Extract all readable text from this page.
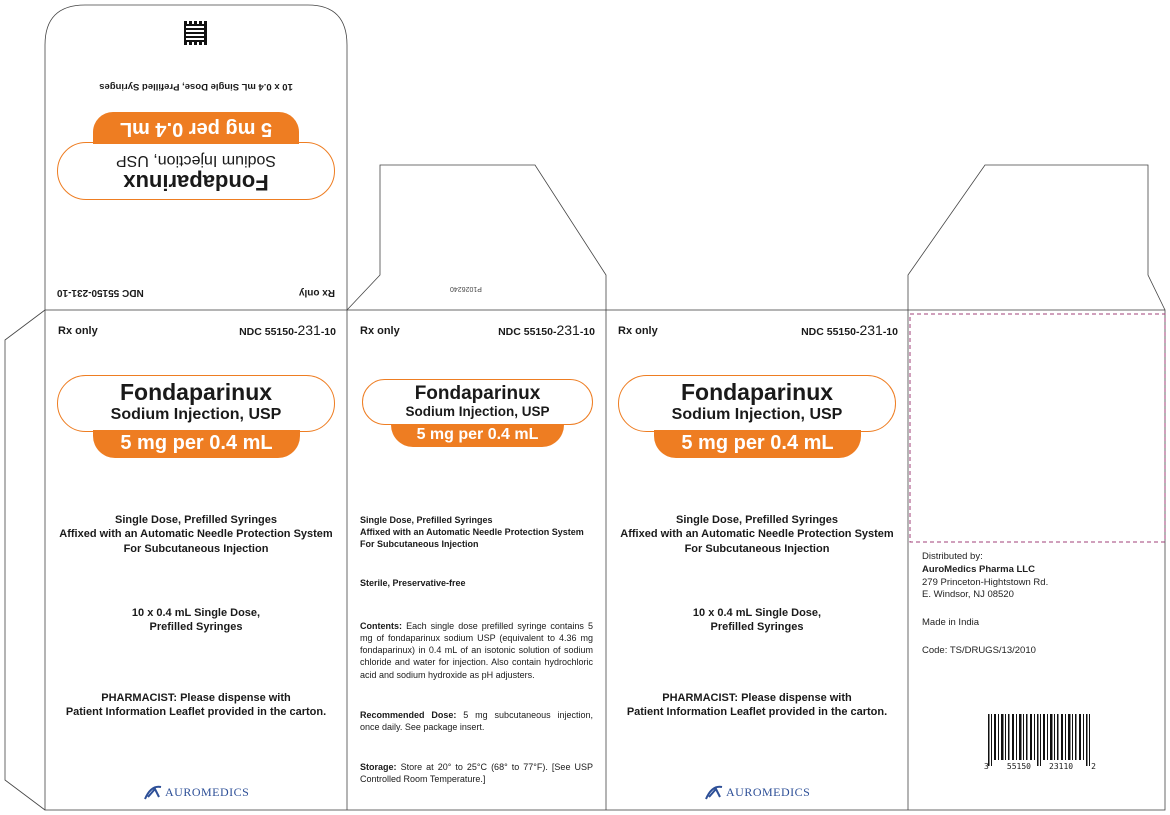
10 x 0.4 mL Single Dose, Prefilled Syringes
Fondaparinux
Sodium Injection, USP
5 mg per 0.4 mL
Rx only
NDC 55150-231-10	P1026240
Rx only	NDC 55150-231-10
Fondaparinux
Sodium Injection, USP
5 mg per 0.4 mL
Single Dose, Prefilled Syringes
Affixed with an Automatic Needle Protection System
For Subcutaneous Injection
10 x 0.4 mL Single Dose,
Prefilled Syringes
PHARMACIST: Please dispense with
Patient Information Leaflet provided in the carton.
AUROMEDICS
Rx only	NDC 55150-231-10
Fondaparinux
Sodium Injection, USP
5 mg per 0.4 mL
Single Dose, Prefilled Syringes
Affixed with an Automatic Needle Protection System
For Subcutaneous Injection
Sterile, Preservative-free
Contents: Each single dose prefilled syringe contains 5 mg of fondaparinux sodium USP (equivalent to 4.36 mg fondaparinux) in 0.4 mL of an isotonic solution of sodium chloride and water for injection. Also contain hydrochloric acid and sodium hydroxide as pH adjusters.
Recommended Dose: 5 mg subcutaneous injection, once daily. See package insert.
Storage: Store at 20° to 25°C (68° to 77°F). [See USP Controlled Room Temperature.]
Rx only	NDC 55150-231-10
Fondaparinux
Sodium Injection, USP
5 mg per 0.4 mL
Single Dose, Prefilled Syringes
Affixed with an Automatic Needle Protection System
For Subcutaneous Injection
10 x 0.4 mL Single Dose,
Prefilled Syringes
PHARMACIST: Please dispense with
Patient Information Leaflet provided in the carton.
AUROMEDICS
Distributed by:
AuroMedics Pharma LLC
279 Princeton-Hightstown Rd.
E. Windsor, NJ 08520
Made in India
Code: TS/DRUGS/13/2010
3 55150 23110 2
